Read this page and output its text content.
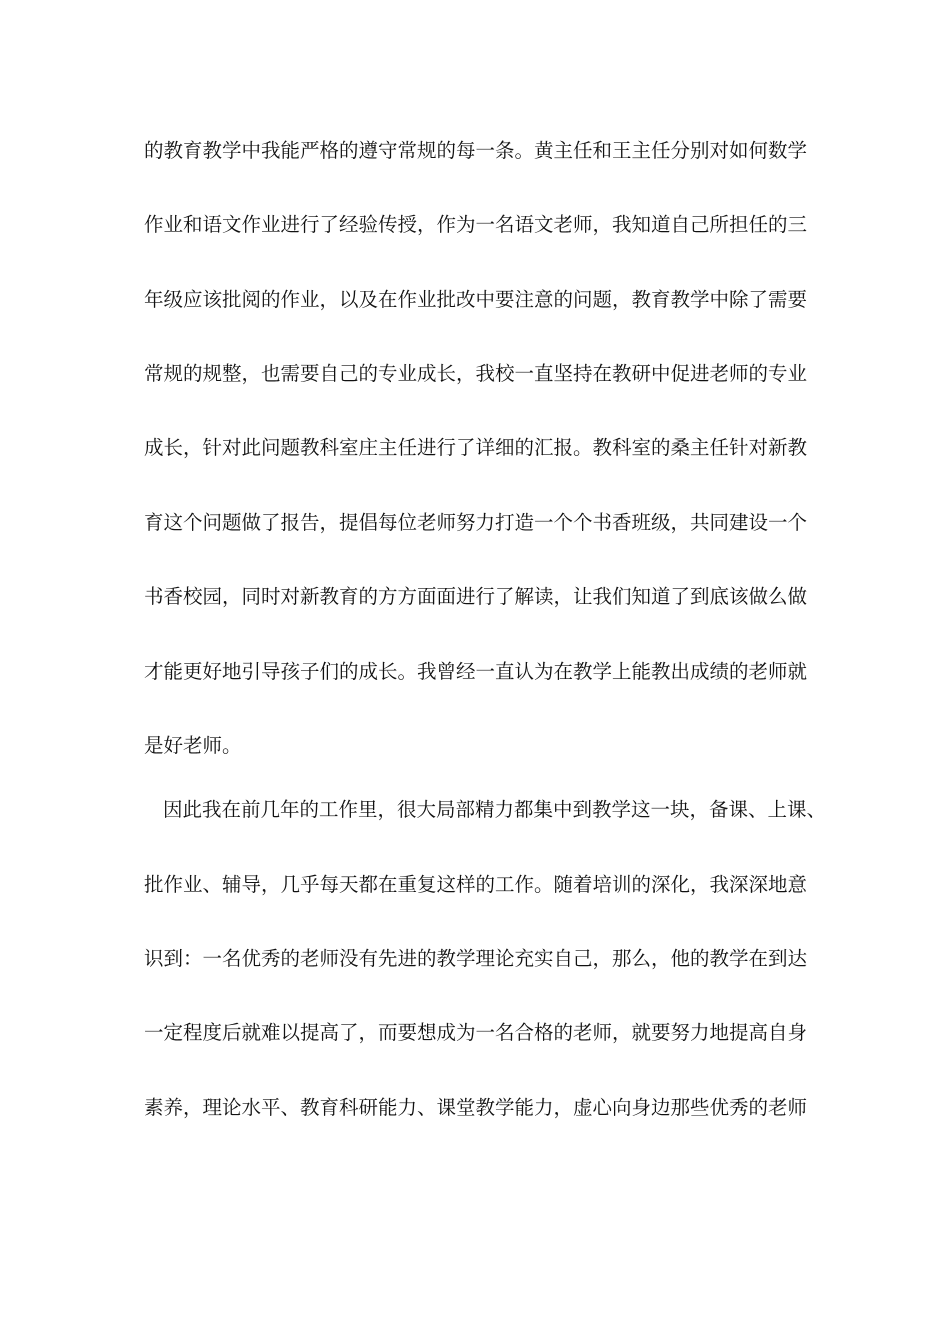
的教育教学中我能严格的遵守常规的每一条。黄主任和王主任分别对如何数学
作业和语文作业进行了经验传授，作为一名语文老师，我知道自己所担任的三
年级应该批阅的作业，以及在作业批改中要注意的问题，教育教学中除了需要
常规的规整，也需要自己的专业成长，我校一直坚持在教研中促进老师的专业
成长，针对此问题教科室庄主任进行了详细的汇报。教科室的桑主任针对新教
育这个问题做了报告，提倡每位老师努力打造一个个书香班级，共同建设一个
书香校园，同时对新教育的方方面面进行了解读，让我们知道了到底该做么做
才能更好地引导孩子们的成长。我曾经一直认为在教学上能教出成绩的老师就
是好老师。
因此我在前几年的工作里，很大局部精力都集中到教学这一块，备课、上课、
批作业、辅导，几乎每天都在重复这样的工作。随着培训的深化，我深深地意
识到：一名优秀的老师没有先进的教学理论充实自己，那么，他的教学在到达
一定程度后就难以提高了，而要想成为一名合格的老师，就要努力地提高自身
素养，理论水平、教育科研能力、课堂教学能力，虚心向身边那些优秀的老师
